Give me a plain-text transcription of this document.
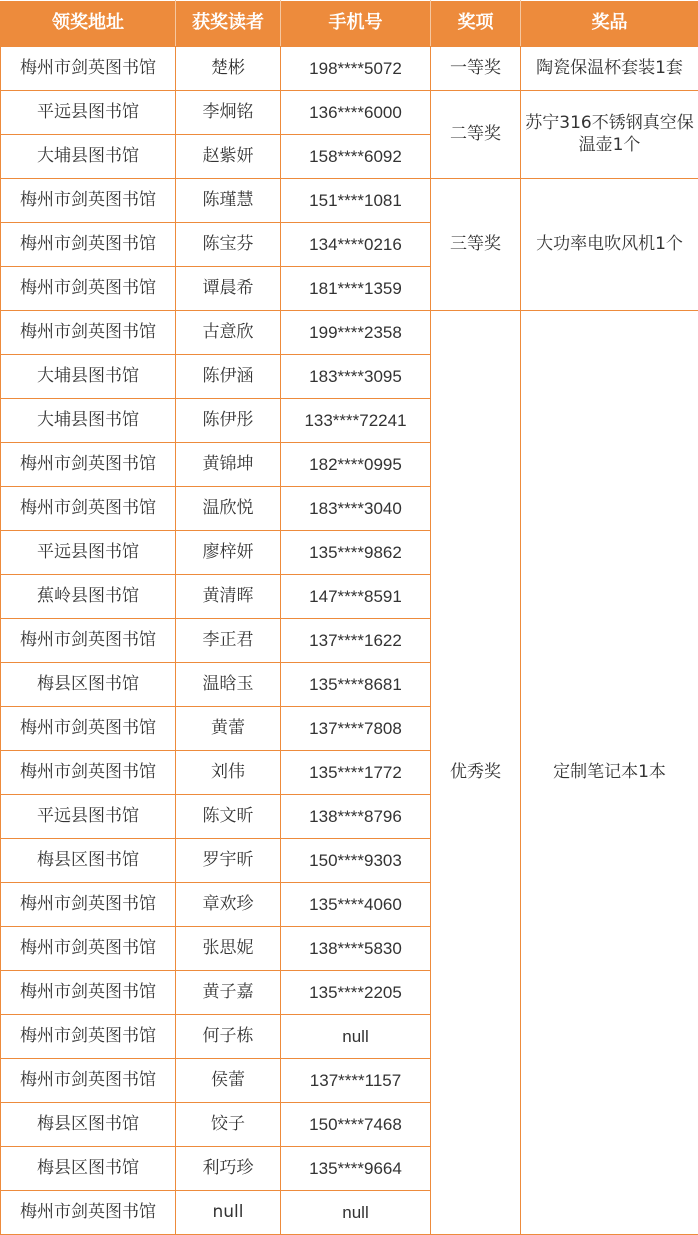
领奖地址	获奖读者	手机号	奖项	奖品
梅州市剑英图书馆	楚彬	198****5072	一等奖	陶瓷保温杯套装1套
平远县图书馆	李炯铭	136****6000	二等奖	苏宁316不锈钢真空保温壶1个
大埔县图书馆	赵紫妍	158****6092		
梅州市剑英图书馆	陈瑾慧	151****1081	三等奖	大功率电吹风机1个
梅州市剑英图书馆	陈宝芬	134****0216		
梅州市剑英图书馆	谭晨希	181****1359		
梅州市剑英图书馆	古意欣	199****2358	优秀奖	定制笔记本1本
大埔县图书馆	陈伊涵	183****3095		
大埔县图书馆	陈伊彤	133****72241		
梅州市剑英图书馆	黄锦坤	182****0995		
梅州市剑英图书馆	温欣悦	183****3040		
平远县图书馆	廖梓妍	135****9862		
蕉岭县图书馆	黄清晖	147****8591		
梅州市剑英图书馆	李正君	137****1622		
梅县区图书馆	温晗玉	135****8681		
梅州市剑英图书馆	黄蕾	137****7808		
梅州市剑英图书馆	刘伟	135****1772		
平远县图书馆	陈文昕	138****8796		
梅县区图书馆	罗宇昕	150****9303		
梅州市剑英图书馆	章欢珍	135****4060		
梅州市剑英图书馆	张思妮	138****5830		
梅州市剑英图书馆	黄子嘉	135****2205		
梅州市剑英图书馆	何子栋	null		
梅州市剑英图书馆	侯蕾	137****1157		
梅县区图书馆	饺子	150****7468		
梅县区图书馆	利巧珍	135****9664		
梅州市剑英图书馆	null	null		
